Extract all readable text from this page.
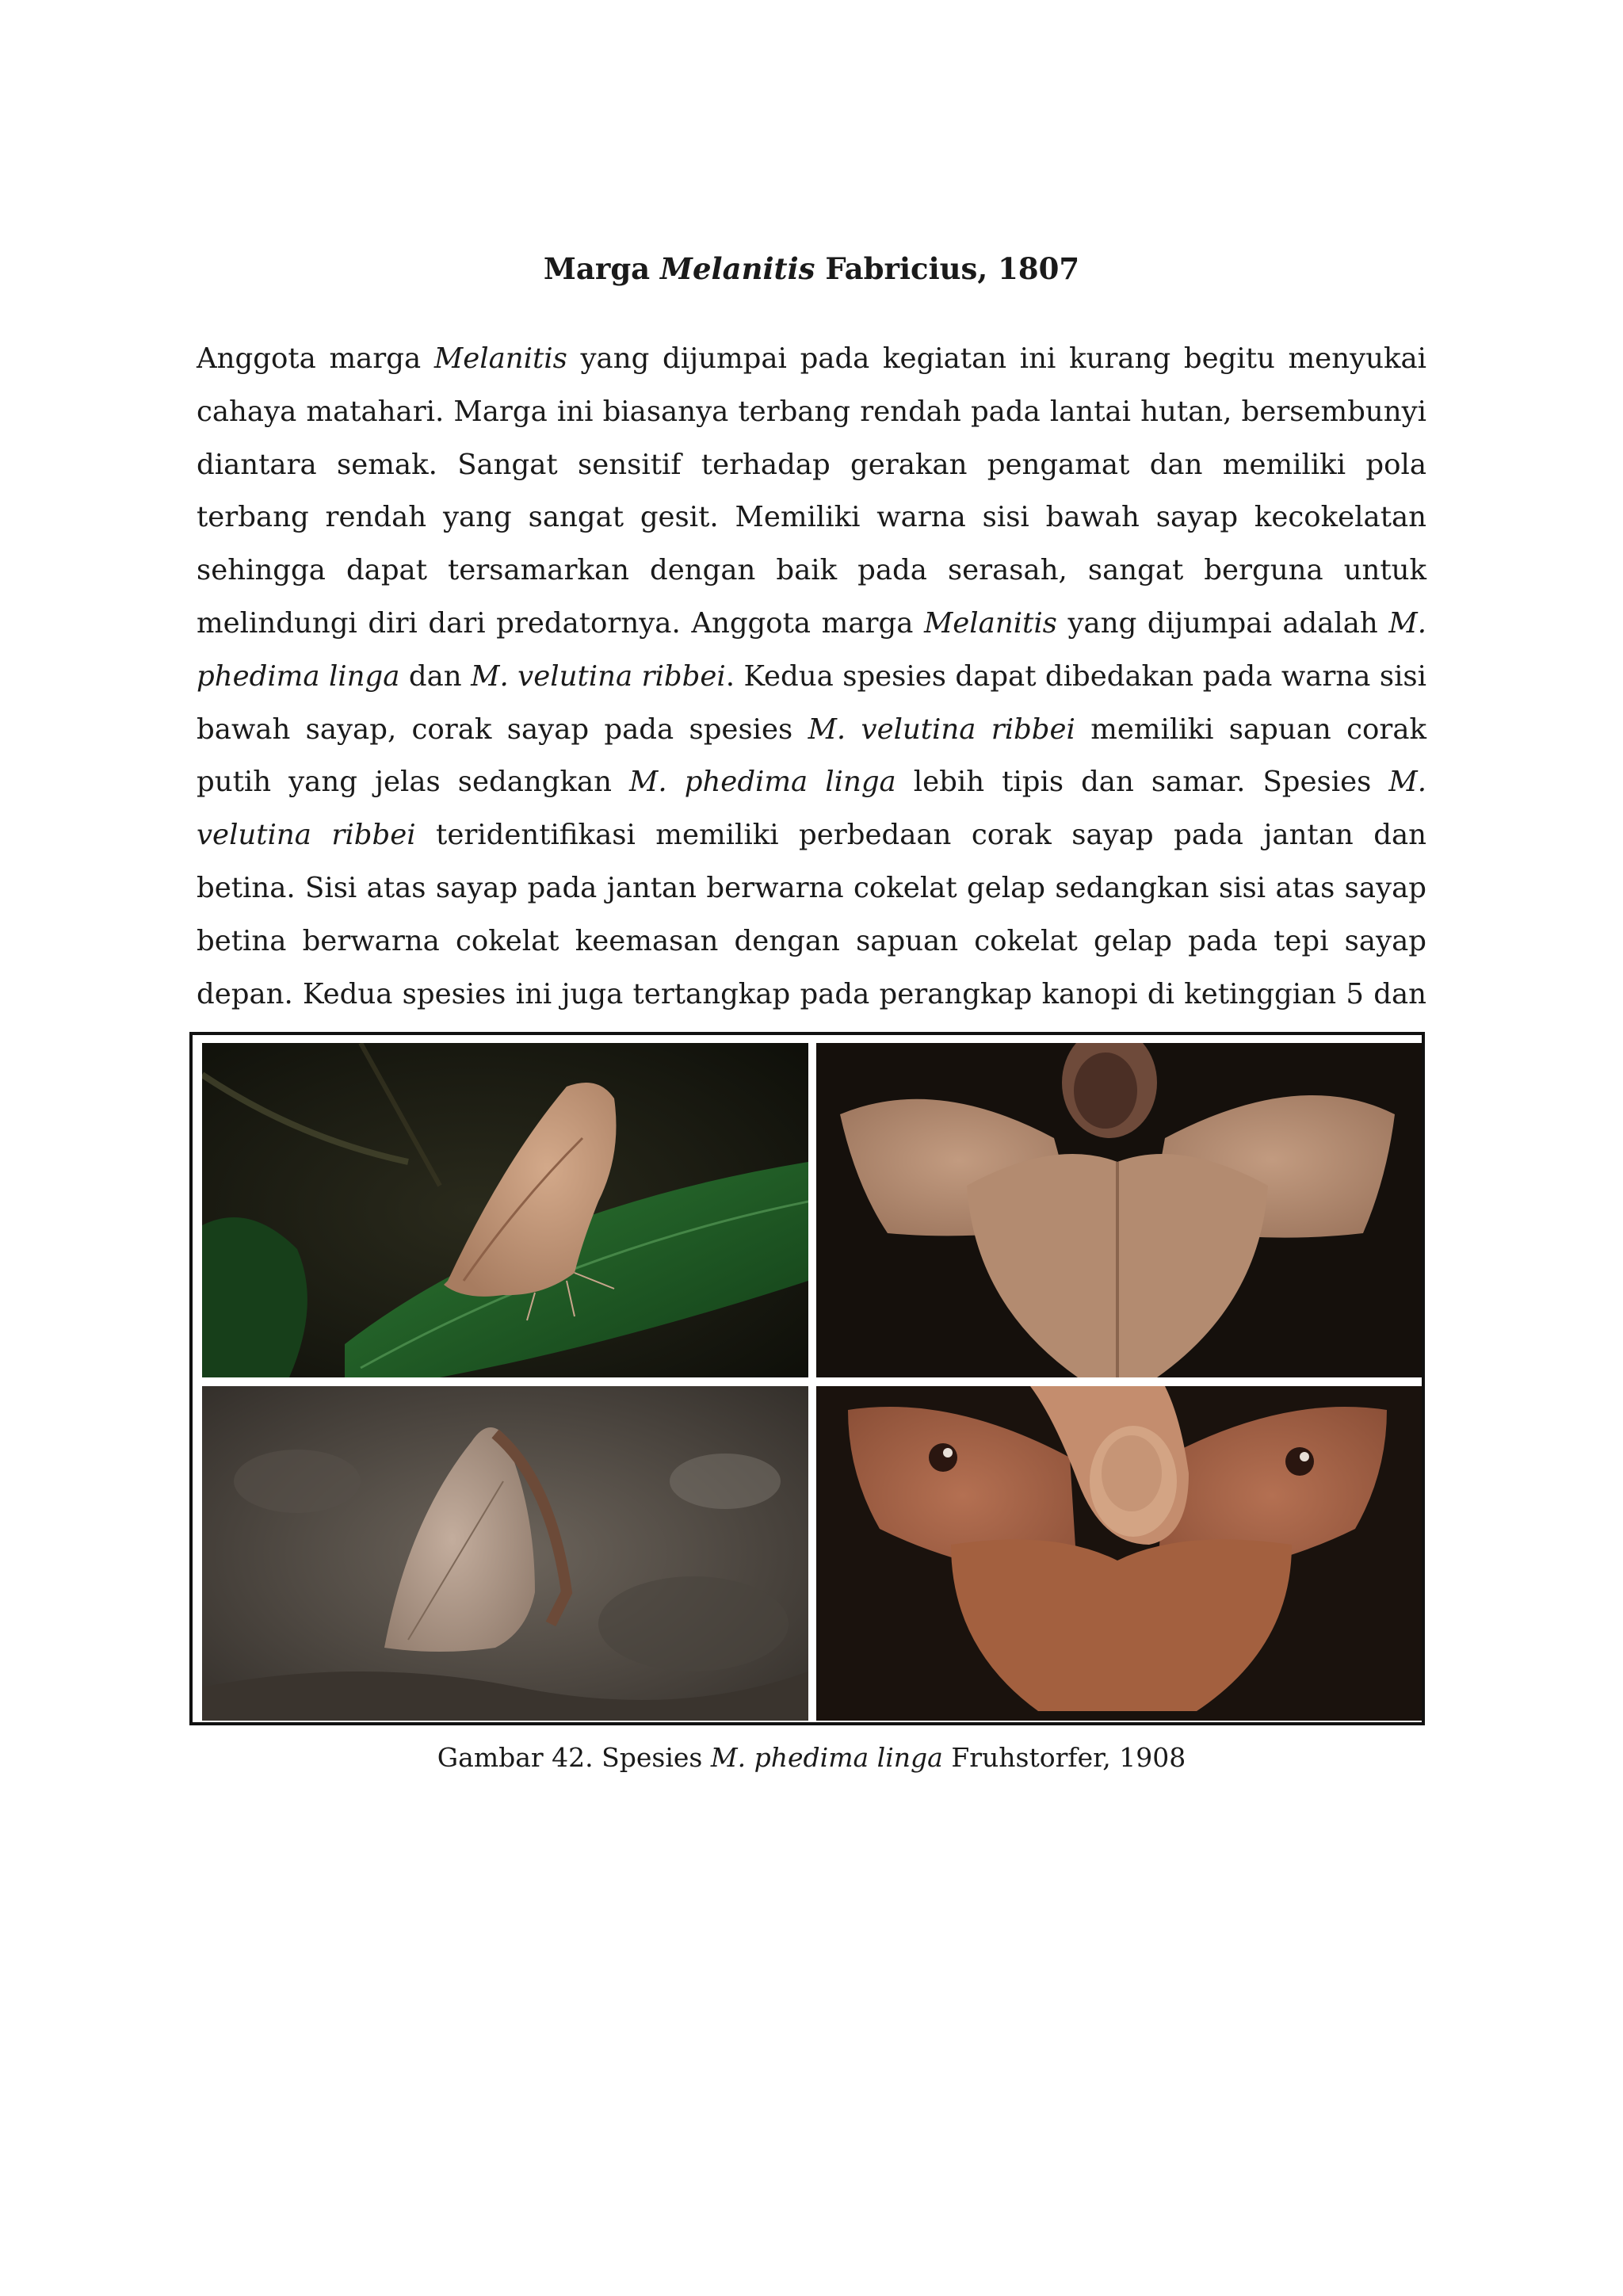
Marga Melanitis Fabricius, 1807
Anggota marga Melanitis yang dijumpai pada kegiatan ini kurang begitu menyukai cahaya matahari. Marga ini biasanya terbang rendah pada lantai hutan, bersembunyi diantara semak. Sangat sensitif terhadap gerakan pengamat dan memiliki pola terbang rendah yang sangat gesit. Memiliki warna sisi bawah sayap kecokelatan sehingga dapat tersamarkan dengan baik pada serasah, sangat berguna untuk melindungi diri dari predatornya. Anggota marga Melanitis yang dijumpai adalah M. phedima linga dan M. velutina ribbei. Kedua spesies dapat dibedakan pada warna sisi bawah sayap, corak sayap pada spesies M. velutina ribbei memiliki sapuan corak putih yang jelas sedangkan M. phedima linga lebih tipis dan samar. Spesies M. velutina ribbei teridentifikasi memiliki perbedaan corak sayap pada jantan dan betina. Sisi atas sayap pada jantan berwarna cokelat gelap sedangkan sisi atas sayap betina berwarna cokelat keemasan dengan sapuan cokelat gelap pada tepi sayap depan. Kedua spesies ini juga tertangkap pada perangkap kanopi di ketinggian 5 dan
Gambar 42. Spesies M. phedima linga Fruhstorfer, 1908
